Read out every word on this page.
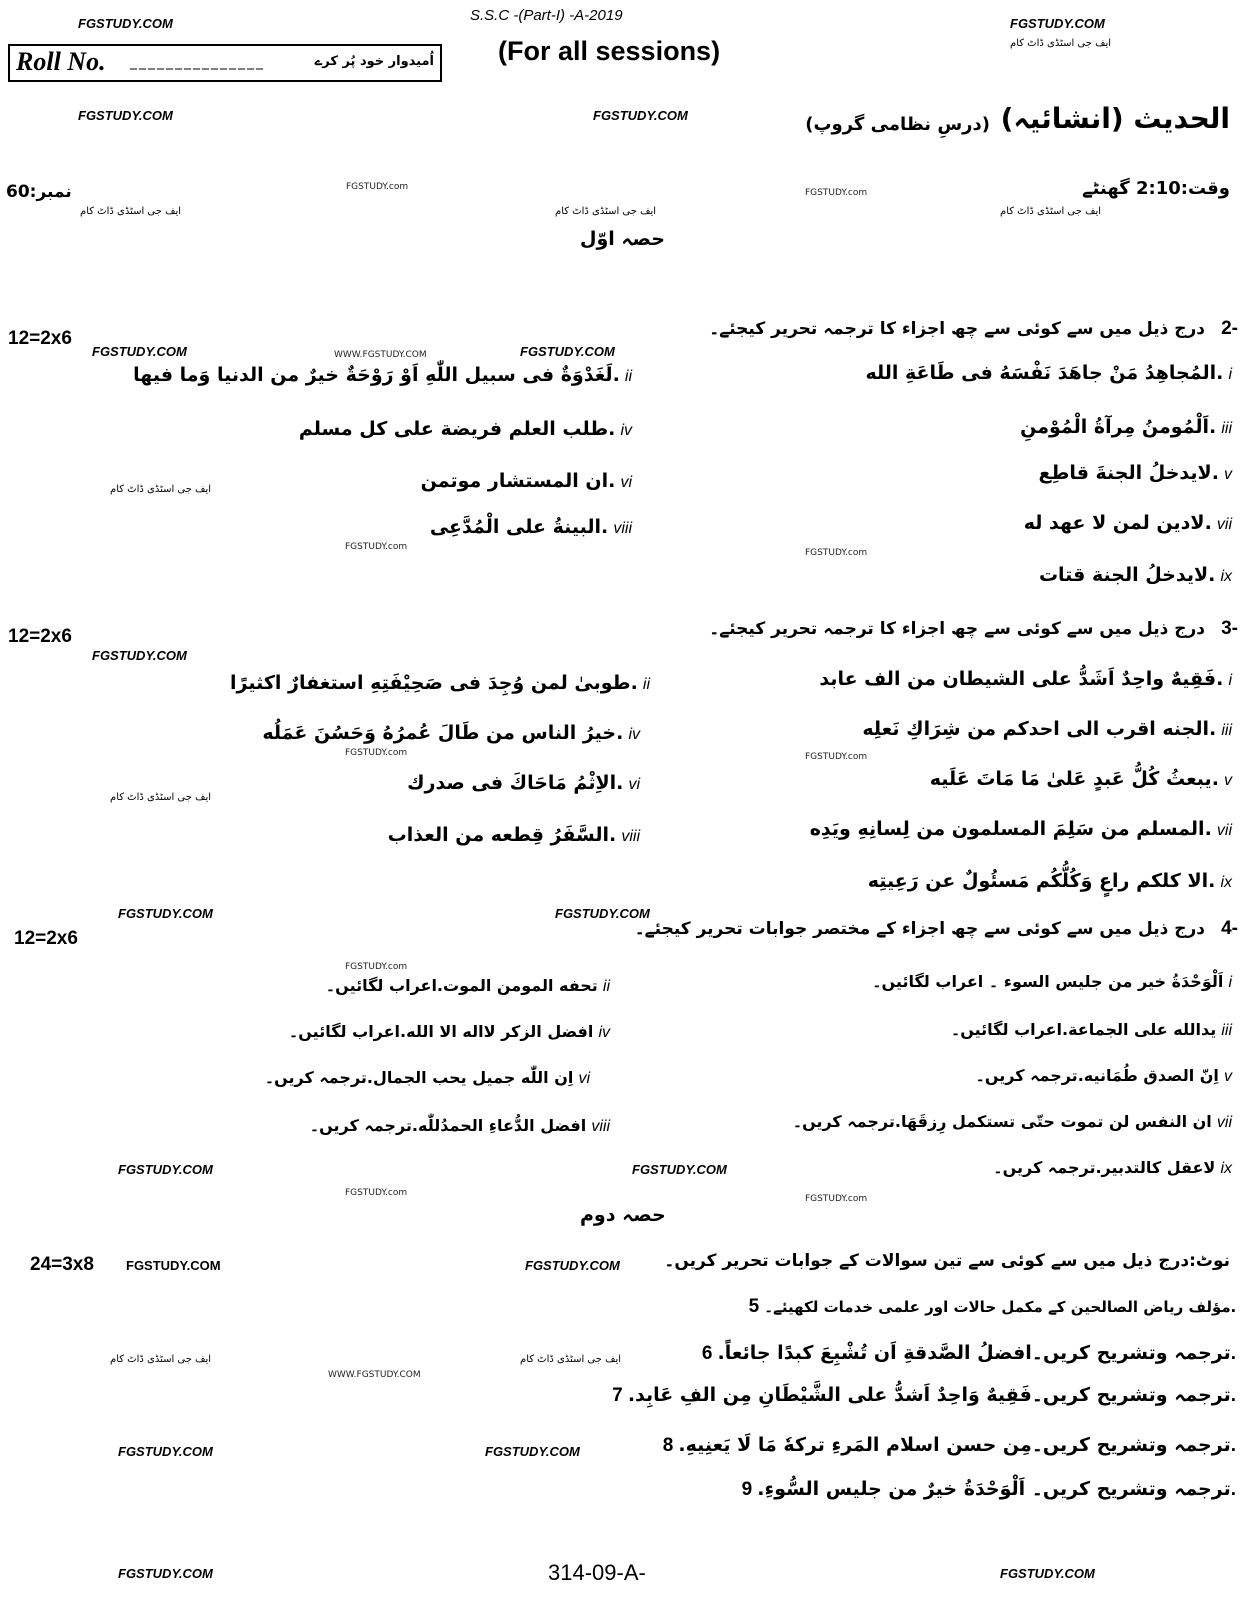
FGSTUDY.COM	S.S.C -(Part-I) -A-2019	FGSTUDY.COM
ایف جی اسٹڈی ڈاٹ کام
Roll No. _______________	اُمیدوار خود پُر کرے (For all sessions)
FGSTUDY.COM	FGSTUDY.COM	(درسِ نظامی گروپ) الحدیث (انشائیہ)
نمبر:60
ایف جی اسٹڈی ڈاٹ کام
FGSTUDY.com
ایف جی اسٹڈی ڈاٹ کام
FGSTUDY.com
ایف جی اسٹڈی ڈاٹ کام
وقت:2:10 گھنٹے
حصہ اوّل
12=2x6
FGSTUDY.COM	WWW.FGSTUDY.COM	FGSTUDY.COM
درج ذیل میں سے کوئی سے چھ اجزاء کا ترجمہ تحریر کیجئے۔ 2-
المُجاهِدُ مَنْ جاهَدَ نَفْسَهُ فى طَاعَةِ الله. i
اَلْمُومنُ مِرآةُ الْمُوْمنِ. iii
لايدخلُ الجنةَ قاطِع. v
لادين لمن لا عهد له. vii
لايدخلُ الجنة قتات. ix
لَغَدْوَةٌ فى سبيل اللّٰهِ اَوْ رَوْحَةٌ خيرٌ من الدنيا وَما فيها. ii
طلب العلم فريضة على كل مسلم. iv
ان المستشار موتمن. vi
البينةُ على الْمُدَّعِى. viii
ایف جی اسٹڈی ڈاٹ کام
FGSTUDY.com
FGSTUDY.com
12=2x6
FGSTUDY.COM
درج ذیل میں سے کوئی سے چھ اجزاء کا ترجمہ تحریر کیجئے۔ 3-
فَقِيهٌ واحِدٌ اَشَدُّ على الشيطان من الف عابد. i
الجنه اقرب الى احدكم من شِرَاكِ نَعلِه. iii
يبعثُ كُلُّ عَبدٍ عَلىٰ مَا مَاتَ عَلَيه. v
المسلم من سَلِمَ المسلمون من لِسانِهِ ويَدِه. vii
الا كلكم راعٍ وَكُلُّكُم مَسئُولٌ عن رَعِيتِه. ix
طوبىٰ لمن وُجِدَ فى صَحِيْفَتِهِ استغفارٌ اكثيرًا. ii
خيرُ الناس من طَالَ عُمرُهُ وَحَسُنَ عَمَلُه. iv
الاِثْمُ مَاحَاكَ فى صدرك. vi
السَّفَرُ قِطعه من العذاب. viii
ایف جی اسٹڈی ڈاٹ کام
FGSTUDY.com	FGSTUDY.com
FGSTUDY.COM	FGSTUDY.COM
12=2x6	درج ذیل میں سے کوئی سے چھ اجزاء کے مختصر جوابات تحریر کیجئے۔ 4-
FGSTUDY.com
اَلْوَحْدَةُ خير من جليس السوء ۔ اعراب لگائیں۔ i
يدالله على الجماعة.اعراب لگائیں۔ iii
اِنّ الصدق طُمَانيه.ترجمہ کریں۔ v
ان النفس لن تموت حتّى تستكمل رِزقَهَا.ترجمہ کریں۔ vii
لاعقل كالتدبير.ترجمہ کریں۔ ix
تحفه المومن الموت.اعراب لگائیں۔ ii
افضل الزكر لااله الا الله.اعراب لگائیں۔ iv
اِن اللّٰه جميل يحب الجمال.ترجمہ کریں۔ vi
افضل الدُّعاءِ الحمدُللّٰه.ترجمہ کریں۔ viii
FGSTUDY.COM	FGSTUDY.COM
FGSTUDY.com
FGSTUDY.com
حصہ دوم
24=3x8 FGSTUDY.COM	FGSTUDY.COM	نوٹ:درج ذیل میں سے کوئی سے تین سوالات کے جوابات تحریر کریں۔
مؤلف ریاض الصالحین کے مکمل حالات اور علمی خدمات لکھیئے۔ 5.
ترجمہ وتشریح کریں۔افضلُ الصَّدقةِ اَن تُشْبِعَ كبدًا جائعاً. 6.
ترجمہ وتشریح کریں۔فَقِيهٌ وَاحِدٌ اَشدُّ على الشَّيْطَانِ مِن الفِ عَابِد. 7.
ترجمہ وتشریح کریں۔مِن حسن اسلام المَرءِ تركهٗ مَا لَا يَعنِيهِ. 8.
ترجمہ وتشریح کریں۔ اَلْوَحْدَةُ خيرٌ من جليس السُّوءِ. 9.
ایف جی اسٹڈی ڈاٹ کام	ایف جی اسٹڈی ڈاٹ کام
WWW.FGSTUDY.COM
FGSTUDY.COM	FGSTUDY.COM
FGSTUDY.COM	314-09-A-	FGSTUDY.COM
